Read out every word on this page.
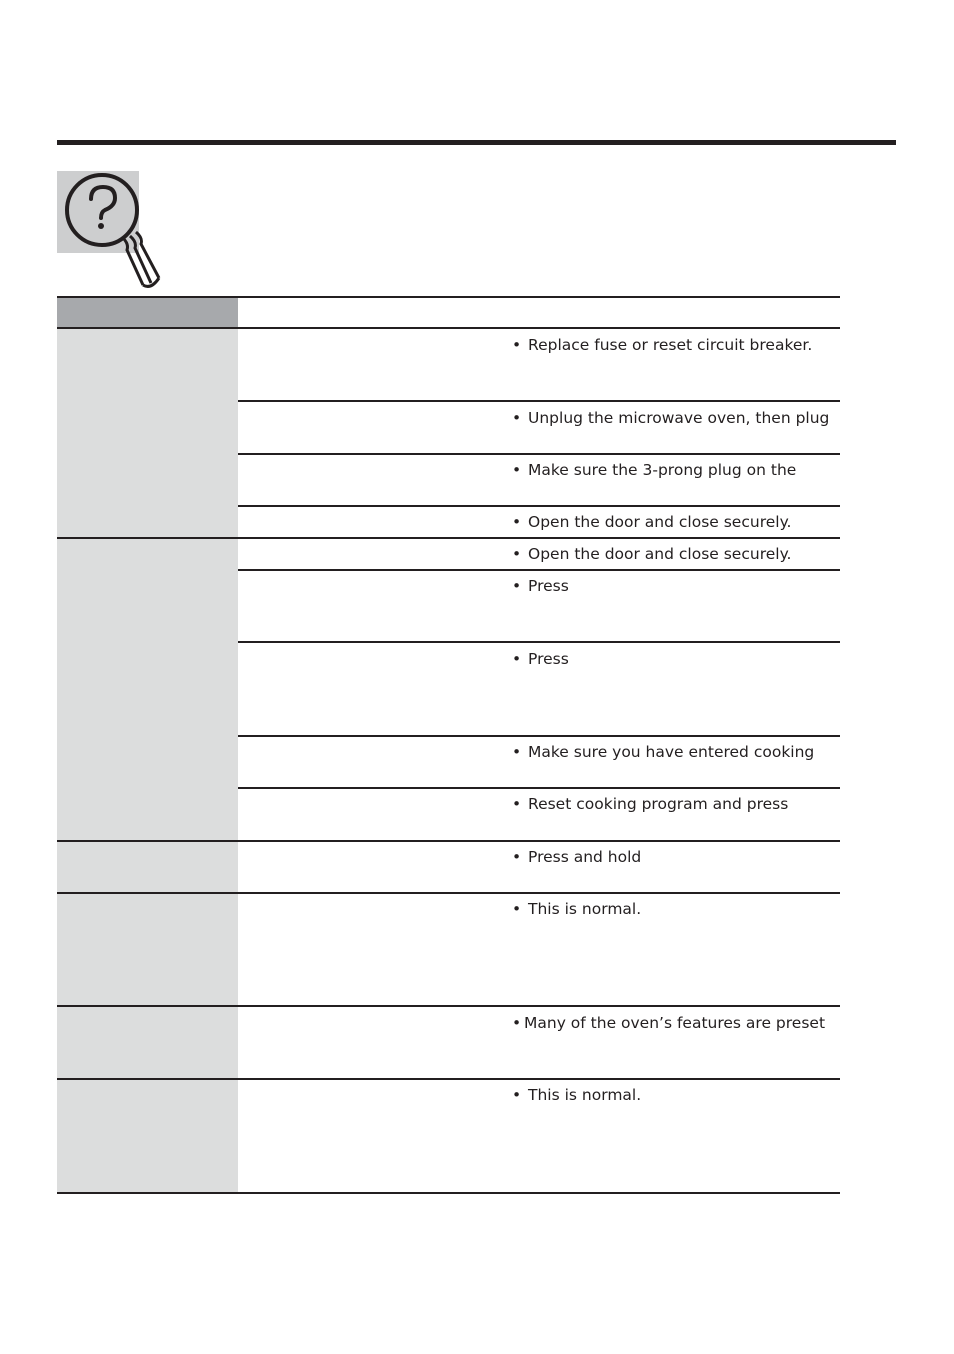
• Replace fuse or reset circuit breaker.
• Unplug the microwave oven, then plug
• Make sure the 3-prong plug on the
• Open the door and close securely.
• Open the door and close securely.
• Press
• Press
• Make sure you have entered cooking
• Reset cooking program and press
• Press and hold
• This is normal.
• Many of the oven’s features are preset
• This is normal.
